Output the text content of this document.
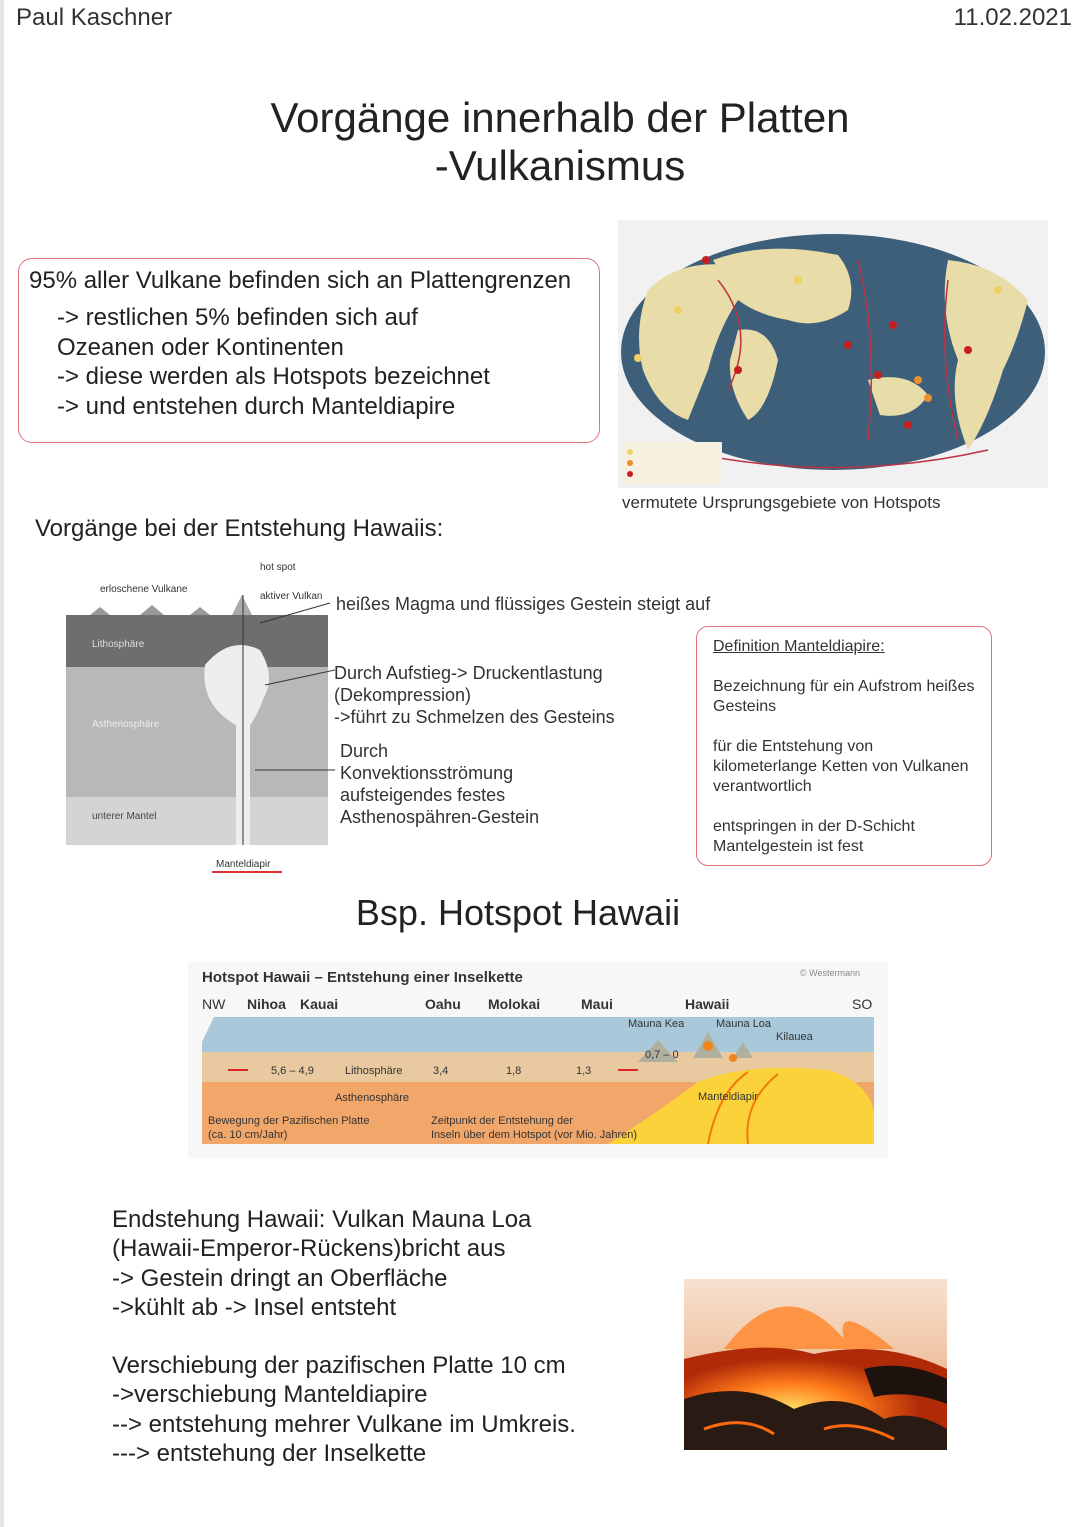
Paul Kaschner	11.02.2021
Vorgänge innerhalb der Platten
-Vulkanismus
95% aller Vulkane befinden sich an Plattengrenzen
-> restlichen 5% befinden sich auf
Ozeanen oder Kontinenten
-> diese werden als Hotspots bezeichnet
-> und entstehen durch Manteldiapire
vermutete Ursprungsgebiete von Hotspots
Vorgänge bei der Entstehung Hawaiis:
erloschene Vulkane
hot spot
aktiver Vulkan
Lithosphäre
Asthenosphäre
unterer Mantel
Manteldiapir
heißes Magma und flüssiges Gestein steigt auf
Durch Aufstieg-> Druckentlastung
(Dekompression)
->führt zu Schmelzen des Gesteins
Durch
Konvektionsströmung
aufsteigendes festes
Asthenospähren-Gestein
Definition Manteldiapire:
Bezeichnung für ein Aufstrom heißes Gesteins
für die Entstehung von kilometerlange Ketten von Vulkanen verantwortlich
entspringen in der D-Schicht Mantelgestein ist fest
Bsp. Hotspot Hawaii
Hotspot Hawaii – Entstehung einer Inselkette	© Westermann
NW	SO
Nihoa Kauai	Oahu Molokai	Maui	Hawaii
Mauna Kea	Mauna Loa
Kilauea
5,6 – 4,9	3,4	1,8	1,3
0,7 – 0
Lithosphäre
Asthenosphäre	Manteldiapir
Bewegung der Pazifischen Platte
(ca. 10 cm/Jahr)
Zeitpunkt der Entstehung der
Inseln über dem Hotspot (vor Mio. Jahren)

Endstehung Hawaii: Vulkan Mauna Loa
(Hawaii-Emperor-Rückens)bricht aus
-> Gestein dringt an Oberfläche
->kühlt ab -> Insel entsteht

Verschiebung der pazifischen Platte 10 cm
->verschiebung Manteldiapire
--> entstehung mehrer Vulkane im Umkreis.
---> entstehung der Inselkette
